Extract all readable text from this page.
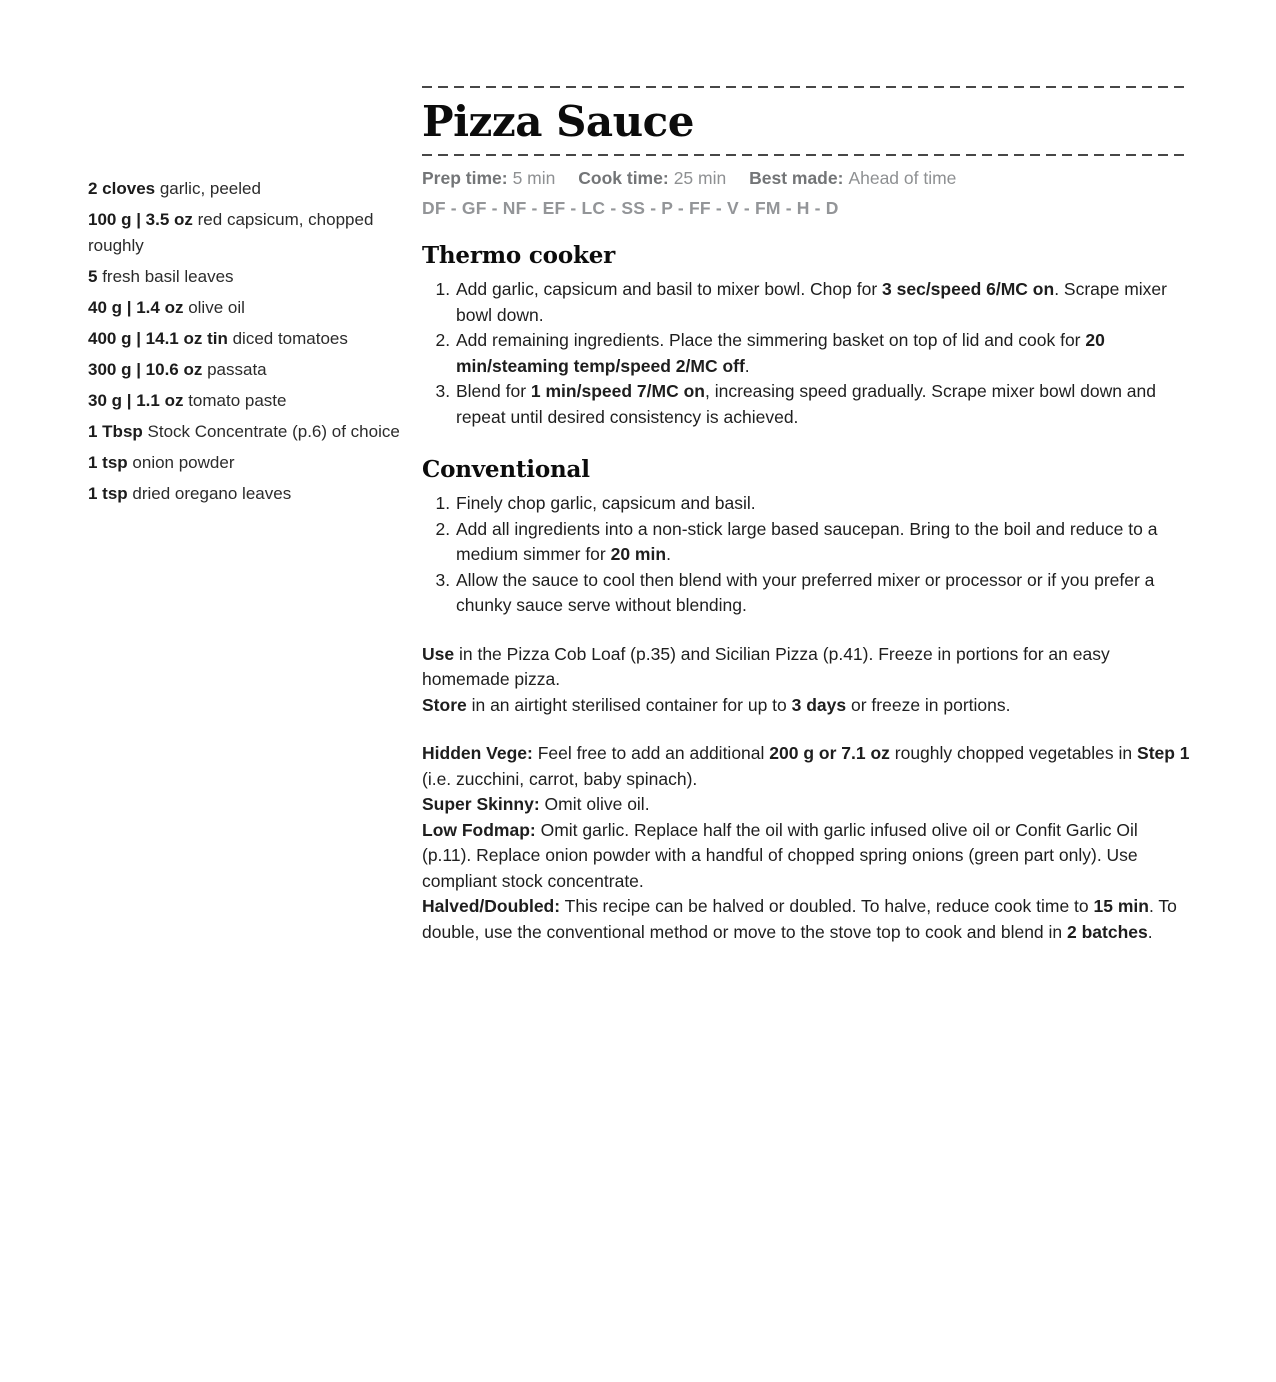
2 cloves garlic, peeled
100 g | 3.5 oz red capsicum, chopped roughly
5 fresh basil leaves
40 g | 1.4 oz olive oil
400 g | 14.1 oz tin diced tomatoes
300 g | 10.6 oz passata
30 g | 1.1 oz tomato paste
1 Tbsp Stock Concentrate (p.6) of choice
1 tsp onion powder
1 tsp dried oregano leaves
Pizza Sauce
Prep time: 5 min Cook time: 25 min Best made: Ahead of time
DF - GF - NF - EF - LC - SS - P - FF - V - FM - H - D
Thermo cooker
1. Add garlic, capsicum and basil to mixer bowl. Chop for 3 sec/speed 6/MC on. Scrape mixer bowl down.
2. Add remaining ingredients. Place the simmering basket on top of lid and cook for 20 min/steaming temp/speed 2/MC off.
3. Blend for 1 min/speed 7/MC on, increasing speed gradually. Scrape mixer bowl down and repeat until desired consistency is achieved.
Conventional
1. Finely chop garlic, capsicum and basil.
2. Add all ingredients into a non-stick large based saucepan. Bring to the boil and reduce to a medium simmer for 20 min.
3. Allow the sauce to cool then blend with your preferred mixer or processor or if you prefer a chunky sauce serve without blending.

Use in the Pizza Cob Loaf (p.35) and Sicilian Pizza (p.41). Freeze in portions for an easy homemade pizza.

Store in an airtight sterilised container for up to 3 days or freeze in portions.

Hidden Vege: Feel free to add an additional 200 g or 7.1 oz roughly chopped vegetables in Step 1 (i.e. zucchini, carrot, baby spinach).

Super Skinny: Omit olive oil.

Low Fodmap: Omit garlic. Replace half the oil with garlic infused olive oil or Confit Garlic Oil (p.11). Replace onion powder with a handful of chopped spring onions (green part only). Use compliant stock concentrate.

Halved/Doubled: This recipe can be halved or doubled. To halve, reduce cook time to 15 min. To double, use the conventional method or move to the stove top to cook and blend in 2 batches.
